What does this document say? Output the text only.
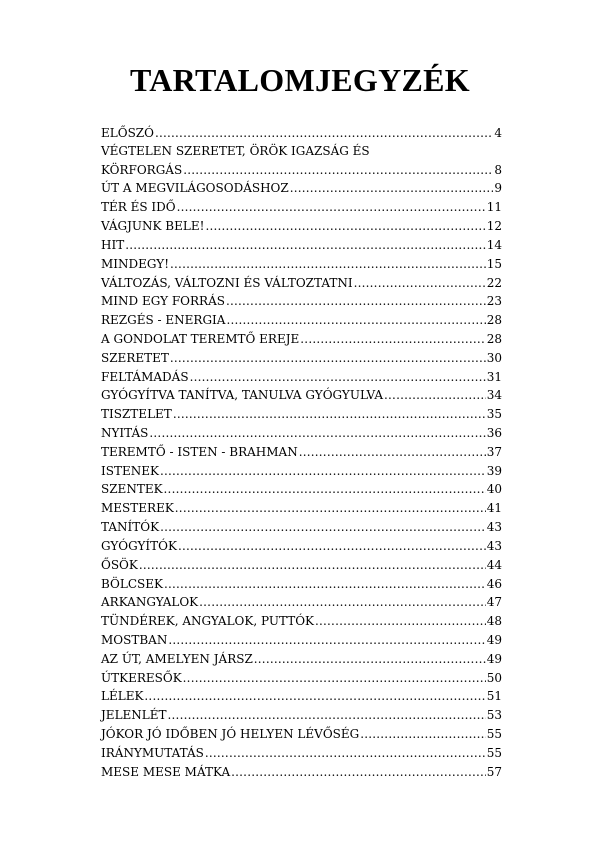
TARTALOMJEGYZÉK
ELŐSZÓ .....	4
VÉGTELEN SZERETET, ÖRÖK IGAZSÁG ÉS
KÖRFORGÁS .....	8
ÚT A MEGVILÁGOSODÁSHOZ .....	9
TÉR ÉS IDŐ .....	11
VÁGJUNK BELE! .....	12
HIT .....	14
MINDEGY! .....	15
VÁLTOZÁS, VÁLTOZNI ÉS VÁLTOZTATNI .....	22
MIND EGY FORRÁS .....	23
REZGÉS - ENERGIA .....	28
A GONDOLAT TEREMTŐ EREJE .....	28
SZERETET .....	30
FELTÁMADÁS .....	31
GYÓGYÍTVA TANÍTVA, TANULVA GYÓGYULVA .....	34
TISZTELET .....	35
NYITÁS .....	36
TEREMTŐ - ISTEN - BRAHMAN .....	37
ISTENEK .....	39
SZENTEK .....	40
MESTEREK .....	41
TANÍTÓK .....	43
GYÓGYÍTÓK .....	43
ŐSÖK .....	44
BÖLCSEK .....	46
ARKANGYALOK .....	47
TÜNDÉREK, ANGYALOK, PUTTÓK .....	48
MOSTBAN .....	49
AZ ÚT, AMELYEN JÁRSZ .....	49
ÚTKERESŐK .....	50
LÉLEK .....	51
JELENLÉT .....	53
JÓKOR JÓ IDŐBEN JÓ HELYEN LÉVŐSÉG .....	55
IRÁNYMUTATÁS .....	55
MESE MESE MÁTKA .....	57
